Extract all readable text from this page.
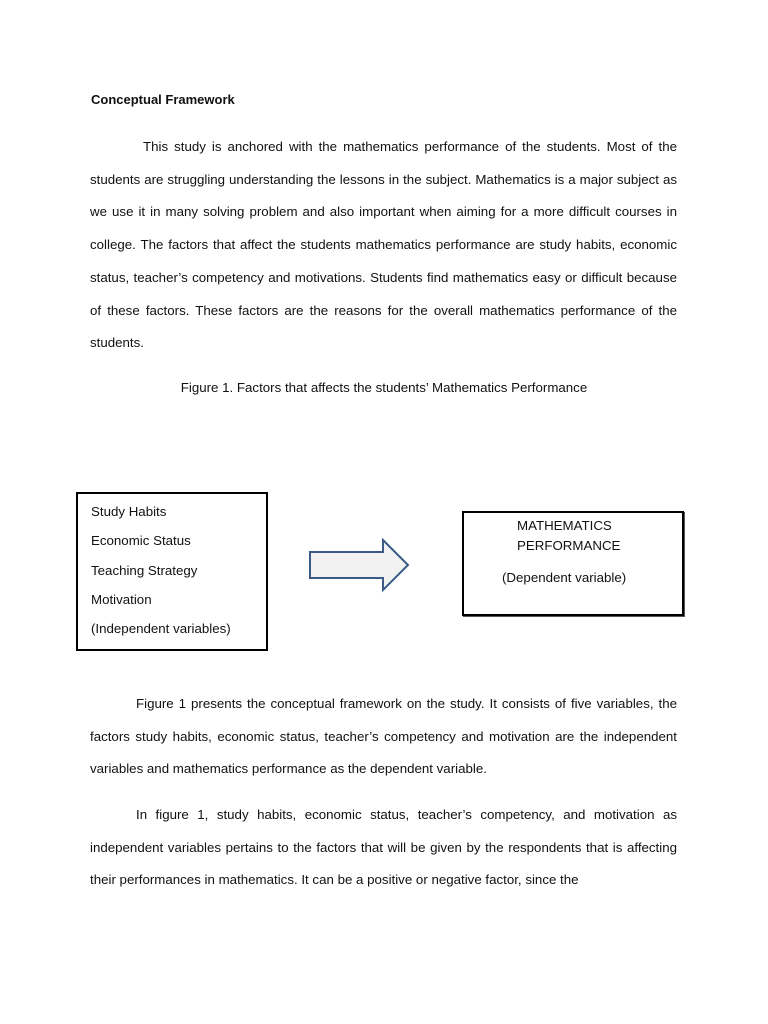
Conceptual Framework

This study is anchored with the mathematics performance of the students. Most of the students are struggling understanding the lessons in the subject. Mathematics is a major subject as we use it in many solving problem and also important when aiming for a more difficult courses in college. The factors that affect the students mathematics performance are study habits, economic status, teacher’s competency and motivations. Students find mathematics easy or difficult because of these factors. These factors are the reasons for the overall mathematics performance of the students.

Figure 1. Factors that affects the students’ Mathematics Performance

Study Habits
Economic Status
Teaching Strategy
Motivation
(Independent variables)
MATHEMATICS
PERFORMANCE
(Dependent variable)

Figure 1 presents the conceptual framework on the study. It consists of five variables, the factors study habits, economic status, teacher’s competency and motivation are the independent variables and mathematics performance as the dependent variable.

In figure 1, study habits, economic status, teacher’s competency, and motivation as independent variables pertains to the factors that will be given by the respondents that is affecting their performances in mathematics. It can be a positive or negative factor, since the
